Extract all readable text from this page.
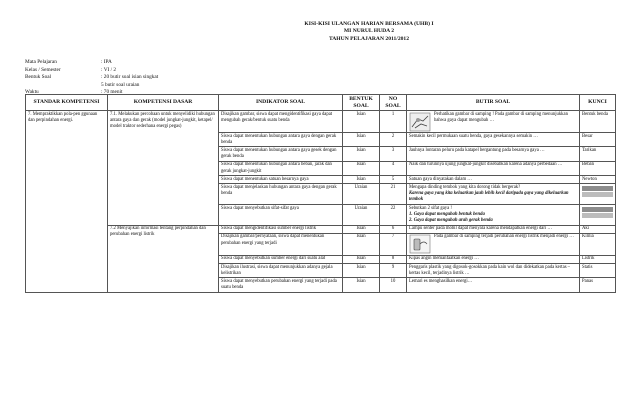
KISI-KISI ULANGAN HARIAN BERSAMA (UHB) I
MI NURUL HUDA 2
TAHUN PELAJARAN 2011/2012
Mata Pelajaran	: IPA
Kelas / Semester	: VI / 2
Bentuk Soal	: 20 butir soal isian singkat
5 butir soal uraian
Waktu	: 70 menit
STANDAR KOMPETENSI	KOMPETENSI DASAR	INDIKATOR SOAL	BENTUK SOAL	NO SOAL	BUTIR SOAL	KUNCI
7. Mempraktikkan pola-pen ggunaan dan perpindahan energi.	7.1. Melakukan percobaan untuk menyelidiki hubungan antara gaya dan gerak (model jungkat-jungkit, ketapel/ model traktor sederhana energi pegas)	Disajikan gambar, siswa dapat mengidentifikasi gaya dapat mengubah gerak/bentuk suatu benda	Isian	1	Perhatikan gambar di samping ! Pada gambar di samping menunjukkan bahwa gaya dapat mengubah …	Bentuk benda
		Siswa dapat menentukan hubungan antara gaya dengan gerak benda	Isian	2	Semakin kecil permukaan suatu benda, gaya gesekannya semakin …	Besar
		Siswa dapat menentukan hubungan antara gaya gesek dengan gerak benda	Isian	3	Jauhnya lontaran peluru pada katapel bergantung pada besarnya gaya …	Tarikan
		Siswa dapat menentukan hubungan antara beban, jarak dan gerak jungkat-jungkit	Isian	4	Naik dan turunnya ujung jungkat-jungkit disebabkan karena adanya perbedaan …	Beban
		Siswa dapat menentukan satuan besarnya gaya	Isian	5	Satuan gaya dinyatakan dalam …	Newton
		Siswa dapat menjelaskan hubungan antara gaya dengan gerak benda	Uraian	21	Mengapa dinding tembok yang kita dorong tidak bergerak?
Karena gaya yang kita keluarkan jauh lebih kecil daripada gaya yang dikeluarkan tembok	

		Siswa dapat menyebutkan sifat-sifat gaya	Uraian	22	Sebutkan 2 sifat gaya !
1. Gaya dapat mengubah bentuk benda
2. Gaya dapat mengubah arah gerak benda	

	7.2 Menyajikan informasi tentang perpindahan dan perubahan energi listrik	Siswa dapat mengidentifikasi sumber energi listrik	Isian	6	Lampu senter pada mobil dapat menyala karena mendapatkan energi dari …	Aki
		Disajikan gambar/pernyataan, siswa dapat menentukan perubahan energi yang terjadi	Isian	7	Pada gambar di samping terjadi perubahan energi listrik menjadi energi …	Kimia
		Siswa dapat menyebutkan sumber energi dari suatu alat	Isian	8	Kipas angin memanfaatkan energi …	Listrik
		Disajikan ilustrasi, siswa dapat menunjukkan adanya gejala kelistrikan	Isian	9	Penggaris plastik yang digosok-gosokkan pada kain wol dan didekatkan pada kertas – kertas kecil, terjadinya listrik …	Statis
		Siswa dapat menyebutkan perubahan energi yang terjadi pada suatu benda	Isian	10	Lemari es menghasilkan energi…	Panas
